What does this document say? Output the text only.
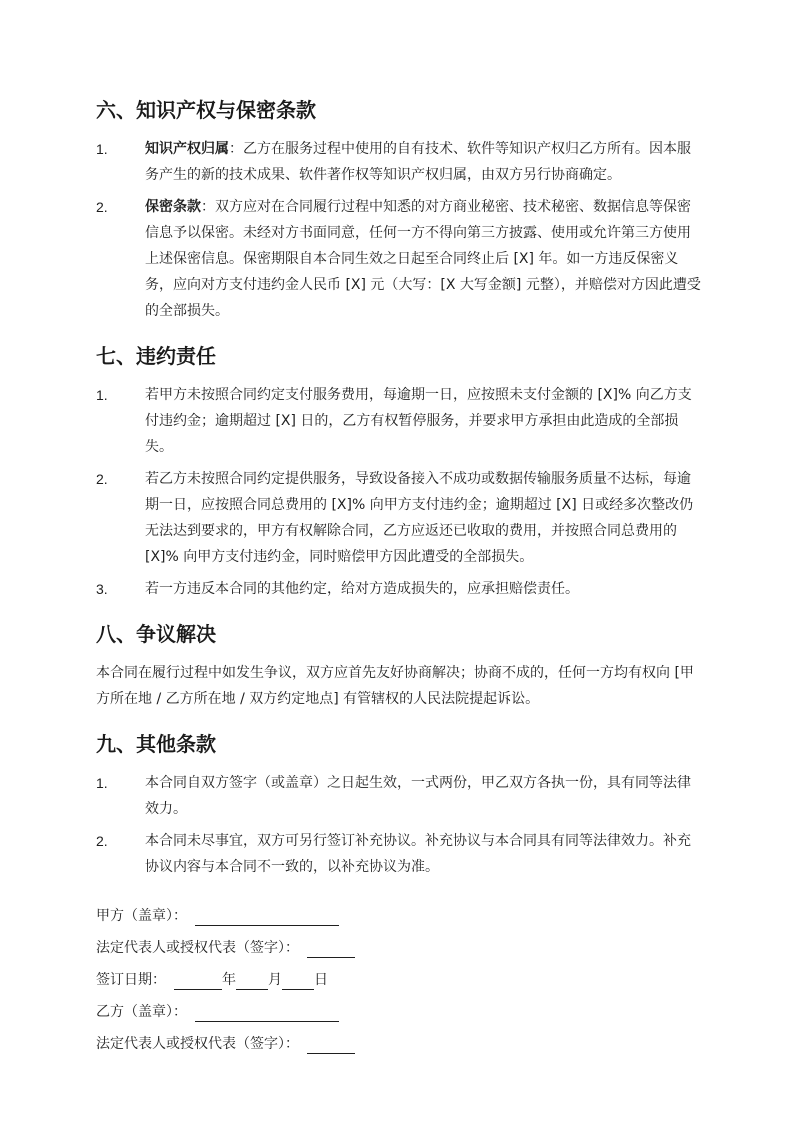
六、知识产权与保密条款
1.	知识产权归属：乙方在服务过程中使用的自有技术、软件等知识产权归乙方所有。因本服务产生的新的技术成果、软件著作权等知识产权归属，由双方另行协商确定。
2.	保密条款：双方应对在合同履行过程中知悉的对方商业秘密、技术秘密、数据信息等保密信息予以保密。未经对方书面同意，任何一方不得向第三方披露、使用或允许第三方使用上述保密信息。保密期限自本合同生效之日起至合同终止后 [X] 年。如一方违反保密义务，应向对方支付违约金人民币 [X] 元（大写：[X 大写金额] 元整），并赔偿对方因此遭受的全部损失。
七、违约责任
1.	若甲方未按照合同约定支付服务费用，每逾期一日，应按照未支付金额的 [X]% 向乙方支付违约金；逾期超过 [X] 日的，乙方有权暂停服务，并要求甲方承担由此造成的全部损失。
2.	若乙方未按照合同约定提供服务，导致设备接入不成功或数据传输服务质量不达标，每逾期一日，应按照合同总费用的 [X]% 向甲方支付违约金；逾期超过 [X] 日或经多次整改仍无法达到要求的，甲方有权解除合同，乙方应返还已收取的费用，并按照合同总费用的 [X]% 向甲方支付违约金，同时赔偿甲方因此遭受的全部损失。
3.	若一方违反本合同的其他约定，给对方造成损失的，应承担赔偿责任。
八、争议解决

本合同在履行过程中如发生争议，双方应首先友好协商解决；协商不成的，任何一方均有权向 [甲方所在地 / 乙方所在地 / 双方约定地点] 有管辖权的人民法院提起诉讼。

九、其他条款
1.	本合同自双方签字（或盖章）之日起生效，一式两份，甲乙双方各执一份，具有同等法律效力。
2.	本合同未尽事宜，双方可另行签订补充协议。补充协议与本合同具有同等法律效力。补充协议内容与本合同不一致的，以补充协议为准。
甲方（盖章）：
法定代表人或授权代表（签字）：
签订日期：	年 月 日
乙方（盖章）：
法定代表人或授权代表（签字）：
